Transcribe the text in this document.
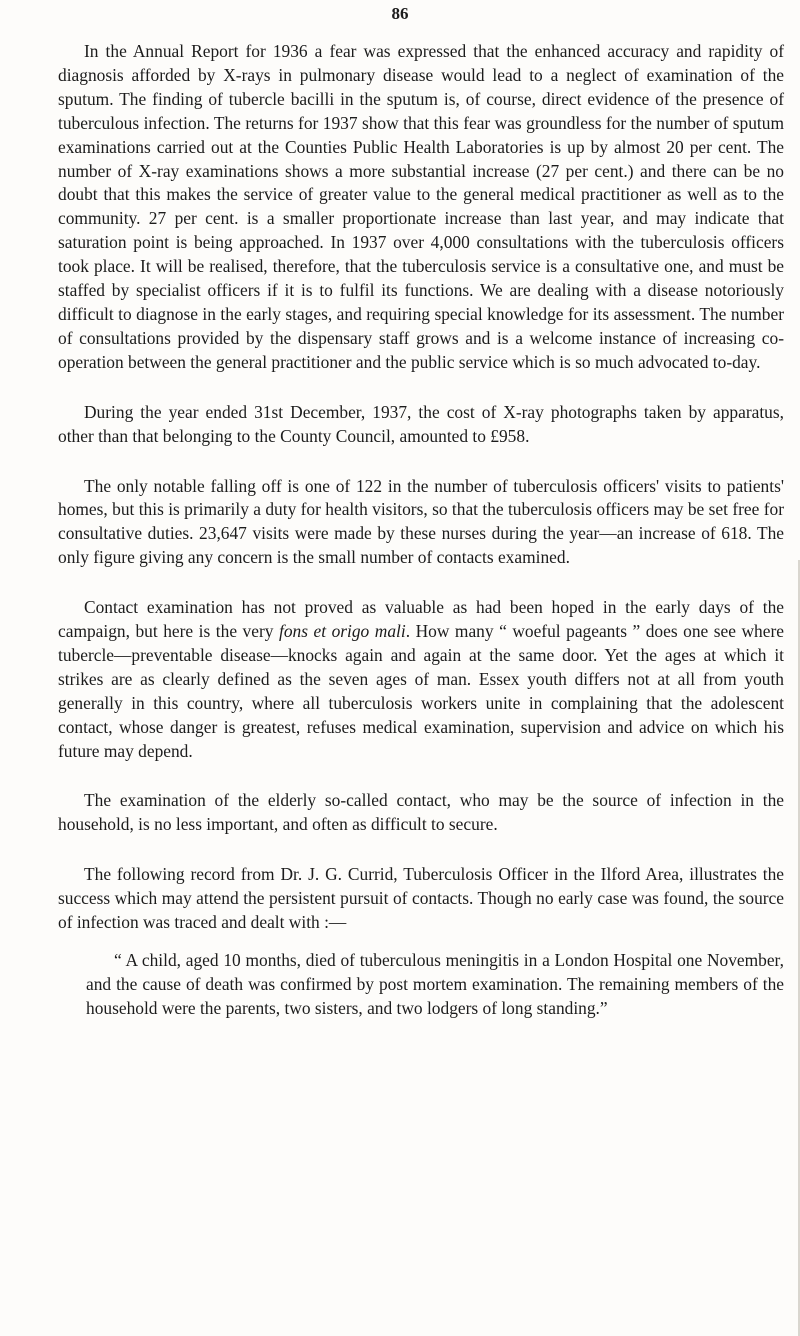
86

In the Annual Report for 1936 a fear was expressed that the enhanced accuracy and rapidity of diagnosis afforded by X-rays in pulmonary disease would lead to a neglect of examination of the sputum. The finding of tubercle bacilli in the sputum is, of course, direct evidence of the presence of tuberculous infection. The returns for 1937 show that this fear was groundless for the number of sputum examinations carried out at the Counties Public Health Laboratories is up by almost 20 per cent. The number of X-ray examinations shows a more substantial increase (27 per cent.) and there can be no doubt that this makes the service of greater value to the general medical practitioner as well as to the community. 27 per cent. is a smaller proportionate increase than last year, and may indicate that saturation point is being approached. In 1937 over 4,000 consultations with the tuberculosis officers took place. It will be realised, therefore, that the tuberculosis service is a consultative one, and must be staffed by specialist officers if it is to fulfil its functions. We are dealing with a disease notoriously difficult to diagnose in the early stages, and requiring special knowledge for its assessment. The number of consultations provided by the dispensary staff grows and is a welcome instance of increasing co-operation between the general practitioner and the public service which is so much advocated to-day.

During the year ended 31st December, 1937, the cost of X-ray photographs taken by apparatus, other than that belonging to the County Council, amounted to £958.

The only notable falling off is one of 122 in the number of tuberculosis officers' visits to patients' homes, but this is primarily a duty for health visitors, so that the tuberculosis officers may be set free for consultative duties. 23,647 visits were made by these nurses during the year—an increase of 618. The only figure giving any concern is the small number of contacts examined.

Contact examination has not proved as valuable as had been hoped in the early days of the campaign, but here is the very fons et origo mali. How many “ woeful pageants ” does one see where tubercle—preventable disease—knocks again and again at the same door. Yet the ages at which it strikes are as clearly defined as the seven ages of man. Essex youth differs not at all from youth generally in this country, where all tuberculosis workers unite in complaining that the adolescent contact, whose danger is greatest, refuses medical examination, supervision and advice on which his future may depend.

The examination of the elderly so-called contact, who may be the source of infection in the household, is no less important, and often as difficult to secure.

The following record from Dr. J. G. Currid, Tuberculosis Officer in the Ilford Area, illustrates the success which may attend the persistent pursuit of contacts. Though no early case was found, the source of infection was traced and dealt with :—

“ A child, aged 10 months, died of tuberculous meningitis in a London Hospital one November, and the cause of death was confirmed by post mortem examination. The remaining members of the household were the parents, two sisters, and two lodgers of long standing.”
